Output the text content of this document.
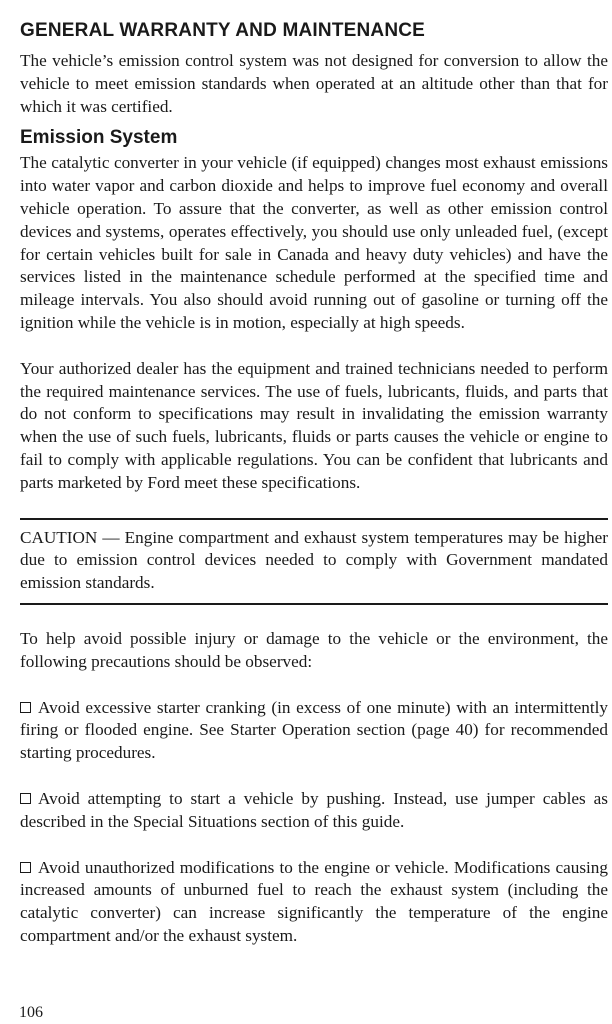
GENERAL WARRANTY AND MAINTENANCE

The vehicle’s emission control system was not designed for conversion to allow the vehicle to meet emission standards when operated at an altitude other than that for which it was certified.

Emission System

The catalytic converter in your vehicle (if equipped) changes most exhaust emissions into water vapor and carbon dioxide and helps to improve fuel economy and overall vehicle operation. To assure that the converter, as well as other emission control devices and systems, operates effectively, you should use only unleaded fuel, (except for certain vehicles built for sale in Canada and heavy duty vehicles) and have the services listed in the maintenance schedule performed at the specified time and mileage intervals. You also should avoid running out of gasoline or turning off the ignition while the vehicle is in motion, especially at high speeds.

Your authorized dealer has the equipment and trained technicians needed to perform the required maintenance services. The use of fuels, lubricants, fluids, and parts that do not conform to specifications may result in invalidating the emission warranty when the use of such fuels, lubricants, fluids or parts causes the vehicle or engine to fail to comply with applicable regulations. You can be confident that lubricants and parts marketed by Ford meet these specifications.

CAUTION — Engine compartment and exhaust system temperatures may be higher due to emission control devices needed to comply with Government mandated emission standards.

To help avoid possible injury or damage to the vehicle or the environment, the following precautions should be observed:

Avoid excessive starter cranking (in excess of one minute) with an intermittently firing or flooded engine. See Starter Operation section (page 40) for recommended starting procedures.

Avoid attempting to start a vehicle by pushing. Instead, use jumper cables as described in the Special Situations section of this guide.

Avoid unauthorized modifications to the engine or vehicle. Modifications causing increased amounts of unburned fuel to reach the exhaust system (including the catalytic converter) can increase significantly the temperature of the engine compartment and/or the exhaust system.

106
